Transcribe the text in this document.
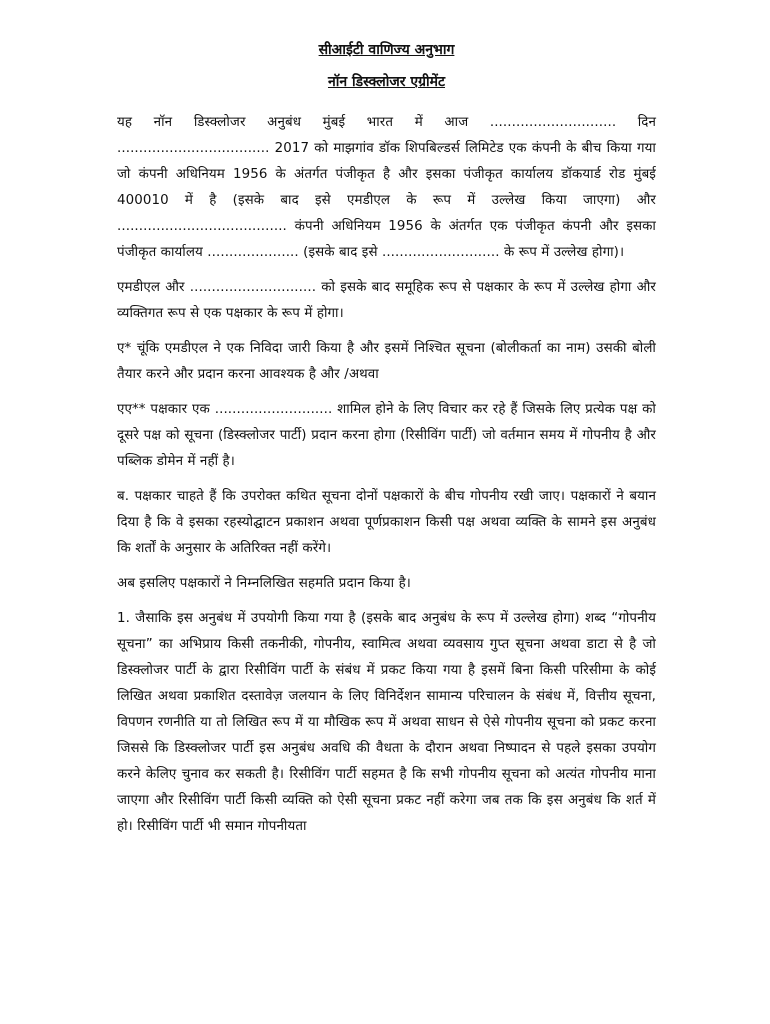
सीआईटी वाणिज्य अनुभाग

नॉन डिस्क्लोजर एग्रीमेंट

यह नॉन डिस्क्लोजर अनुबंध मुंबई भारत में आज ............................. दिन ................................... 2017 को माझगांव डॉक शिपबिल्डर्स लिमिटेड एक कंपनी के बीच किया गया जो कंपनी अधिनियम 1956 के अंतर्गत पंजीकृत है और इसका पंजीकृत कार्यालय डॉकयार्ड रोड मुंबई 400010 में है (इसके बाद इसे एमडीएल के रूप में उल्लेख किया जाएगा) और ....................................... कंपनी अधिनियम 1956 के अंतर्गत एक पंजीकृत कंपनी और इसका पंजीकृत कार्यालय ..................... (इसके बाद इसे ........................... के रूप में उल्लेख होगा)।

एमडीएल और ............................. को इसके बाद समूहिक रूप से पक्षकार के रूप में उल्लेख होगा और व्यक्तिगत रूप से एक पक्षकार के रूप में होगा।

ए* चूंकि एमडीएल ने एक निविदा जारी किया है और इसमें निश्चित सूचना (बोलीकर्ता का नाम) उसकी बोली तैयार करने और प्रदान करना आवश्यक है और /अथवा

एए** पक्षकार एक ........................... शामिल होने के लिए विचार कर रहे हैं जिसके लिए प्रत्येक पक्ष को दूसरे पक्ष को सूचना (डिस्क्लोजर पार्टी) प्रदान करना होगा (रिसीविंग पार्टी) जो वर्तमान समय में गोपनीय है और पब्लिक डोमेन में नहीं है।

ब. पक्षकार चाहते हैं कि उपरोक्त कथित सूचना दोनों पक्षकारों के बीच गोपनीय रखी जाए। पक्षकारों ने बयान दिया है कि वे इसका रहस्योद्घाटन प्रकाशन अथवा पूर्णप्रकाशन किसी पक्ष अथवा व्यक्ति के सामने इस अनुबंध कि शर्तों के अनुसार के अतिरिक्त नहीं करेंगे।

अब इसलिए पक्षकारों ने निम्नलिखित सहमति प्रदान किया है।

1. जैसाकि इस अनुबंध में उपयोगी किया गया है (इसके बाद अनुबंध के रूप में उल्लेख होगा) शब्द “गोपनीय सूचना” का अभिप्राय किसी तकनीकी, गोपनीय, स्वामित्व अथवा व्यवसाय गुप्त सूचना अथवा डाटा से है जो डिस्क्लोजर पार्टी के द्वारा रिसीविंग पार्टी के संबंध में प्रकट किया गया है इसमें बिना किसी परिसीमा के कोई लिखित अथवा प्रकाशित दस्तावेज़ जलयान के लिए विनिर्देशन सामान्य परिचालन के संबंध में, वित्तीय सूचना, विपणन रणनीति या तो लिखित रूप में या मौखिक रूप में अथवा साधन से ऐसे गोपनीय सूचना को प्रकट करना जिससे कि डिस्क्लोजर पार्टी इस अनुबंध अवधि की वैधता के दौरान अथवा निष्पादन से पहले इसका उपयोग करने केलिए चुनाव कर सकती है। रिसीविंग पार्टी सहमत है कि सभी गोपनीय सूचना को अत्यंत गोपनीय माना जाएगा और रिसीविंग पार्टी किसी व्यक्ति को ऐसी सूचना प्रकट नहीं करेगा जब तक कि इस अनुबंध कि शर्त में हो। रिसीविंग पार्टी भी समान गोपनीयता
